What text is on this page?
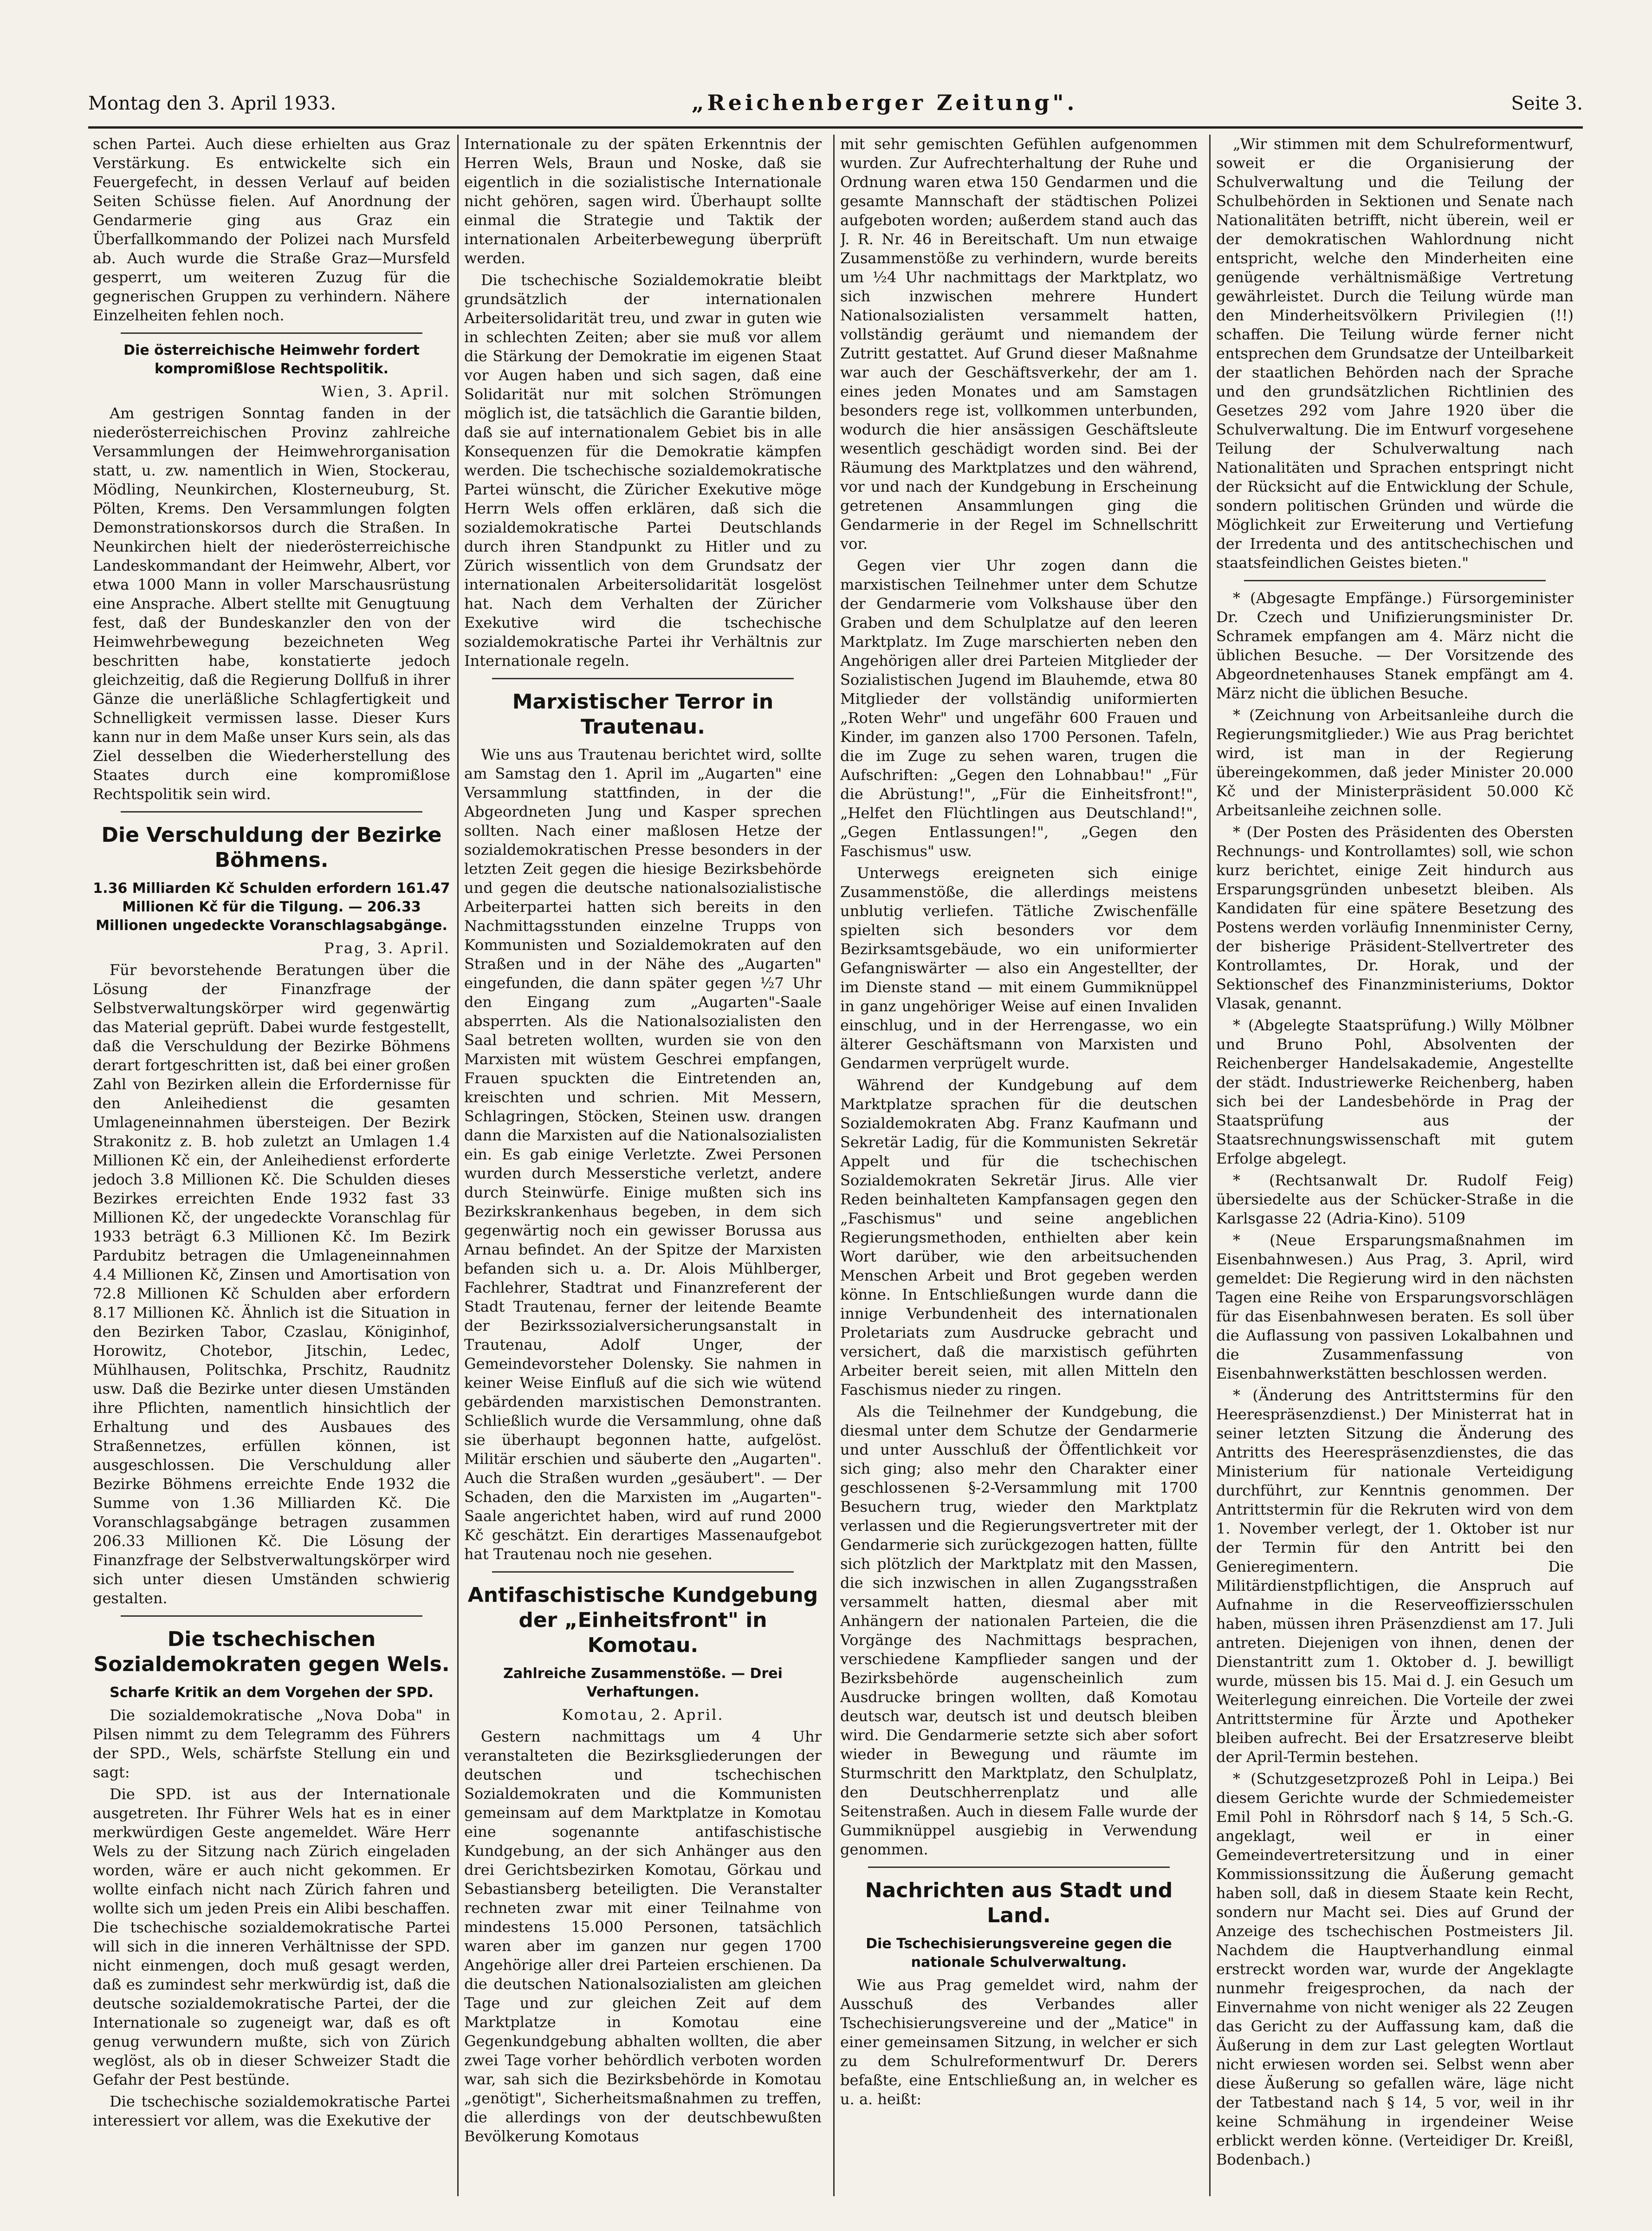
Montag den 3. April 1933.	„Reichenberger Zeitung".	Seite 3.

schen Partei. Auch diese erhielten aus Graz Verstärkung. Es entwickelte sich ein Feuergefecht, in dessen Verlauf auf beiden Seiten Schüsse fielen. Auf Anordnung der Gendarmerie ging aus Graz ein Überfallkommando der Polizei nach Mursfeld ab. Auch wurde die Straße Graz—Mursfeld gesperrt, um weiteren Zuzug für die gegnerischen Gruppen zu verhindern. Nähere Einzelheiten fehlen noch.

Die österreichische Heimwehr fordert kompromißlose Rechtspolitik.
Wien, 3. April.

Am gestrigen Sonntag fanden in der niederösterreichischen Provinz zahlreiche Versammlungen der Heimwehrorganisation statt, u. zw. namentlich in Wien, Stockerau, Mödling, Neunkirchen, Klosterneuburg, St. Pölten, Krems. Den Versammlungen folgten Demonstrationskorsos durch die Straßen. In Neunkirchen hielt der niederösterreichische Landeskommandant der Heimwehr, Albert, vor etwa 1000 Mann in voller Marschausrüstung eine Ansprache. Albert stellte mit Genugtuung fest, daß der Bundeskanzler den von der Heimwehrbewegung bezeichneten Weg beschritten habe, konstatierte jedoch gleichzeitig, daß die Regierung Dollfuß in ihrer Gänze die unerläßliche Schlagfertigkeit und Schnelligkeit vermissen lasse. Dieser Kurs kann nur in dem Maße unser Kurs sein, als das Ziel desselben die Wiederherstellung des Staates durch eine kompromißlose Rechtspolitik sein wird.

Die Verschuldung der Bezirke Böhmens.
1.36 Milliarden Kč Schulden erfordern 161.47 Millionen Kč für die Tilgung. — 206.33 Millionen ungedeckte Voranschlagsabgänge.
Prag, 3. April.

Für bevorstehende Beratungen über die Lösung der Finanzfrage der Selbstverwaltungskörper wird gegenwärtig das Material geprüft. Dabei wurde festgestellt, daß die Verschuldung der Bezirke Böhmens derart fortgeschritten ist, daß bei einer großen Zahl von Bezirken allein die Erfordernisse für den Anleihedienst die gesamten Umlageneinnahmen übersteigen. Der Bezirk Strakonitz z. B. hob zuletzt an Umlagen 1.4 Millionen Kč ein, der Anleihedienst erforderte jedoch 3.8 Millionen Kč. Die Schulden dieses Bezirkes erreichten Ende 1932 fast 33 Millionen Kč, der ungedeckte Voranschlag für 1933 beträgt 6.3 Millionen Kč. Im Bezirk Pardubitz betragen die Umlageneinnahmen 4.4 Millionen Kč, Zinsen und Amortisation von 72.8 Millionen Kč Schulden aber erfordern 8.17 Millionen Kč. Ähnlich ist die Situation in den Bezirken Tabor, Czaslau, Königinhof, Horowitz, Chotebor, Jitschin, Ledec, Mühlhausen, Politschka, Prschitz, Raudnitz usw. Daß die Bezirke unter diesen Umständen ihre Pflichten, namentlich hinsichtlich der Erhaltung und des Ausbaues des Straßennetzes, erfüllen können, ist ausgeschlossen. Die Verschuldung aller Bezirke Böhmens erreichte Ende 1932 die Summe von 1.36 Milliarden Kč. Die Voranschlagsabgänge betragen zusammen 206.33 Millionen Kč. Die Lösung der Finanzfrage der Selbstverwaltungskörper wird sich unter diesen Umständen schwierig gestalten.

Die tschechischen Sozialdemokraten gegen Wels.
Scharfe Kritik an dem Vorgehen der SPD.

Die sozialdemokratische „Nova Doba" in Pilsen nimmt zu dem Telegramm des Führers der SPD., Wels, schärfste Stellung ein und sagt:

Die SPD. ist aus der Internationale ausgetreten. Ihr Führer Wels hat es in einer merkwürdigen Geste angemeldet. Wäre Herr Wels zu der Sitzung nach Zürich eingeladen worden, wäre er auch nicht gekommen. Er wollte einfach nicht nach Zürich fahren und wollte sich um jeden Preis ein Alibi beschaffen. Die tschechische sozialdemokratische Partei will sich in die inneren Verhältnisse der SPD. nicht einmengen, doch muß gesagt werden, daß es zumindest sehr merkwürdig ist, daß die deutsche sozialdemokratische Partei, der die Internationale so zugeneigt war, daß es oft genug verwundern mußte, sich von Zürich weglöst, als ob in dieser Schweizer Stadt die Gefahr der Pest bestünde.

Die tschechische sozialdemokratische Partei interessiert vor allem, was die Exekutive der

Internationale zu der späten Erkenntnis der Herren Wels, Braun und Noske, daß sie eigentlich in die sozialistische Internationale nicht gehören, sagen wird. Überhaupt sollte einmal die Strategie und Taktik der internationalen Arbeiterbewegung überprüft werden.

Die tschechische Sozialdemokratie bleibt grundsätzlich der internationalen Arbeitersolidarität treu, und zwar in guten wie in schlechten Zeiten; aber sie muß vor allem die Stärkung der Demokratie im eigenen Staat vor Augen haben und sich sagen, daß eine Solidarität nur mit solchen Strömungen möglich ist, die tatsächlich die Garantie bilden, daß sie auf internationalem Gebiet bis in alle Konsequenzen für die Demokratie kämpfen werden. Die tschechische sozialdemokratische Partei wünscht, die Züricher Exekutive möge Herrn Wels offen erklären, daß sich die sozialdemokratische Partei Deutschlands durch ihren Standpunkt zu Hitler und zu Zürich wissentlich von dem Grundsatz der internationalen Arbeitersolidarität losgelöst hat. Nach dem Verhalten der Züricher Exekutive wird die tschechische sozialdemokratische Partei ihr Verhältnis zur Internationale regeln.

Marxistischer Terror in Trautenau.

Wie uns aus Trautenau berichtet wird, sollte am Samstag den 1. April im „Augarten" eine Versammlung stattfinden, in der die Abgeordneten Jung und Kasper sprechen sollten. Nach einer maßlosen Hetze der sozialdemokratischen Presse besonders in der letzten Zeit gegen die hiesige Bezirksbehörde und gegen die deutsche nationalsozialistische Arbeiterpartei hatten sich bereits in den Nachmittagsstunden einzelne Trupps von Kommunisten und Sozialdemokraten auf den Straßen und in der Nähe des „Augarten" eingefunden, die dann später gegen ½7 Uhr den Eingang zum „Augarten"-Saale absperrten. Als die Nationalsozialisten den Saal betreten wollten, wurden sie von den Marxisten mit wüstem Geschrei empfangen, Frauen spuckten die Eintretenden an, kreischten und schrien. Mit Messern, Schlagringen, Stöcken, Steinen usw. drangen dann die Marxisten auf die Nationalsozialisten ein. Es gab einige Verletzte. Zwei Personen wurden durch Messerstiche verletzt, andere durch Steinwürfe. Einige mußten sich ins Bezirkskrankenhaus begeben, in dem sich gegenwärtig noch ein gewisser Borussa aus Arnau befindet. An der Spitze der Marxisten befanden sich u. a. Dr. Alois Mühlberger, Fachlehrer, Stadtrat und Finanzreferent der Stadt Trautenau, ferner der leitende Beamte der Bezirkssozialversicherungsanstalt in Trautenau, Adolf Unger, der Gemeindevorsteher Dolensky. Sie nahmen in keiner Weise Einfluß auf die sich wie wütend gebärdenden marxistischen Demonstranten. Schließlich wurde die Versammlung, ohne daß sie überhaupt begonnen hatte, aufgelöst. Militär erschien und säuberte den „Augarten". Auch die Straßen wurden „gesäubert". — Der Schaden, den die Marxisten im „Augarten"-Saale angerichtet haben, wird auf rund 2000 Kč geschätzt. Ein derartiges Massenaufgebot hat Trautenau noch nie gesehen.

Antifaschistische Kundgebung der „Einheitsfront" in Komotau.
Zahlreiche Zusammenstöße. — Drei Verhaftungen.
Komotau, 2. April.

Gestern nachmittags um 4 Uhr veranstalteten die Bezirksgliederungen der deutschen und tschechischen Sozialdemokraten und die Kommunisten gemeinsam auf dem Marktplatze in Komotau eine sogenannte antifaschistische Kundgebung, an der sich Anhänger aus den drei Gerichtsbezirken Komotau, Görkau und Sebastiansberg beteiligten. Die Veranstalter rechneten zwar mit einer Teilnahme von mindestens 15.000 Personen, tatsächlich waren aber im ganzen nur gegen 1700 Angehörige aller drei Parteien erschienen. Da die deutschen Nationalsozialisten am gleichen Tage und zur gleichen Zeit auf dem Marktplatze in Komotau eine Gegenkundgebung abhalten wollten, die aber zwei Tage vorher behördlich verboten worden war, sah sich die Bezirksbehörde in Komotau „genötigt", Sicherheitsmaßnahmen zu treffen, die allerdings von der deutschbewußten Bevölkerung Komotaus

mit sehr gemischten Gefühlen aufgenommen wurden. Zur Aufrechterhaltung der Ruhe und Ordnung waren etwa 150 Gendarmen und die gesamte Mannschaft der städtischen Polizei aufgeboten worden; außerdem stand auch das J. R. Nr. 46 in Bereitschaft. Um nun etwaige Zusammenstöße zu verhindern, wurde bereits um ½4 Uhr nachmittags der Marktplatz, wo sich inzwischen mehrere Hundert Nationalsozialisten versammelt hatten, vollständig geräumt und niemandem der Zutritt gestattet. Auf Grund dieser Maßnahme war auch der Geschäftsverkehr, der am 1. eines jeden Monates und am Samstagen besonders rege ist, vollkommen unterbunden, wodurch die hier ansässigen Geschäftsleute wesentlich geschädigt worden sind. Bei der Räumung des Marktplatzes und den während, vor und nach der Kundgebung in Erscheinung getretenen Ansammlungen ging die Gendarmerie in der Regel im Schnellschritt vor.

Gegen vier Uhr zogen dann die marxistischen Teilnehmer unter dem Schutze der Gendarmerie vom Volkshause über den Graben und dem Schulplatze auf den leeren Marktplatz. Im Zuge marschierten neben den Angehörigen aller drei Parteien Mitglieder der Sozialistischen Jugend im Blauhemde, etwa 80 Mitglieder der vollständig uniformierten „Roten Wehr" und ungefähr 600 Frauen und Kinder, im ganzen also 1700 Personen. Tafeln, die im Zuge zu sehen waren, trugen die Aufschriften: „Gegen den Lohnabbau!" „Für die Abrüstung!", „Für die Einheitsfront!", „Helfet den Flüchtlingen aus Deutschland!", „Gegen Entlassungen!", „Gegen den Faschismus" usw.

Unterwegs ereigneten sich einige Zusammenstöße, die allerdings meistens unblutig verliefen. Tätliche Zwischenfälle spielten sich besonders vor dem Bezirksamtsgebäude, wo ein uniformierter Gefangniswärter — also ein Angestellter, der im Dienste stand — mit einem Gummiknüppel in ganz ungehöriger Weise auf einen Invaliden einschlug, und in der Herrengasse, wo ein älterer Geschäftsmann von Marxisten und Gendarmen verprügelt wurde.

Während der Kundgebung auf dem Marktplatze sprachen für die deutschen Sozialdemokraten Abg. Franz Kaufmann und Sekretär Ladig, für die Kommunisten Sekretär Appelt und für die tschechischen Sozialdemokraten Sekretär Jirus. Alle vier Reden beinhalteten Kampfansagen gegen den „Faschismus" und seine angeblichen Regierungsmethoden, enthielten aber kein Wort darüber, wie den arbeitsuchenden Menschen Arbeit und Brot gegeben werden könne. In Entschließungen wurde dann die innige Verbundenheit des internationalen Proletariats zum Ausdrucke gebracht und versichert, daß die marxistisch geführten Arbeiter bereit seien, mit allen Mitteln den Faschismus nieder zu ringen.

Als die Teilnehmer der Kundgebung, die diesmal unter dem Schutze der Gendarmerie und unter Ausschluß der Öffentlichkeit vor sich ging; also mehr den Charakter einer geschlossenen §-2-Versammlung mit 1700 Besuchern trug, wieder den Marktplatz verlassen und die Regierungsvertreter mit der Gendarmerie sich zurückgezogen hatten, füllte sich plötzlich der Marktplatz mit den Massen, die sich inzwischen in allen Zugangsstraßen versammelt hatten, diesmal aber mit Anhängern der nationalen Parteien, die die Vorgänge des Nachmittags besprachen, verschiedene Kampflieder sangen und der Bezirksbehörde augenscheinlich zum Ausdrucke bringen wollten, daß Komotau deutsch war, deutsch ist und deutsch bleiben wird. Die Gendarmerie setzte sich aber sofort wieder in Bewegung und räumte im Sturmschritt den Marktplatz, den Schulplatz, den Deutschherrenplatz und alle Seitenstraßen. Auch in diesem Falle wurde der Gummiknüppel ausgiebig in Verwendung genommen.

Nachrichten aus Stadt und Land.
Die Tschechisierungsvereine gegen die nationale Schulverwaltung.

Wie aus Prag gemeldet wird, nahm der Ausschuß des Verbandes aller Tschechisierungsvereine und der „Matice" in einer gemeinsamen Sitzung, in welcher er sich zu dem Schulreformentwurf Dr. Derers befaßte, eine Entschließung an, in welcher es u. a. heißt:

„Wir stimmen mit dem Schulreformentwurf, soweit er die Organisierung der Schulverwaltung und die Teilung der Schulbehörden in Sektionen und Senate nach Nationalitäten betrifft, nicht überein, weil er der demokratischen Wahlordnung nicht entspricht, welche den Minderheiten eine genügende verhältnismäßige Vertretung gewährleistet. Durch die Teilung würde man den Minderheitsvölkern Privilegien (!!) schaffen. Die Teilung würde ferner nicht entsprechen dem Grundsatze der Unteilbarkeit der staatlichen Behörden nach der Sprache und den grundsätzlichen Richtlinien des Gesetzes 292 vom Jahre 1920 über die Schulverwaltung. Die im Entwurf vorgesehene Teilung der Schulverwaltung nach Nationalitäten und Sprachen entspringt nicht der Rücksicht auf die Entwicklung der Schule, sondern politischen Gründen und würde die Möglichkeit zur Erweiterung und Vertiefung der Irredenta und des antitschechischen und staatsfeindlichen Geistes bieten."

* (Abgesagte Empfänge.) Fürsorgeminister Dr. Czech und Unifizierungsminister Dr. Schramek empfangen am 4. März nicht die üblichen Besuche. — Der Vorsitzende des Abgeordnetenhauses Stanek empfängt am 4. März nicht die üblichen Besuche.

* (Zeichnung von Arbeitsanleihe durch die Regierungsmitglieder.) Wie aus Prag berichtet wird, ist man in der Regierung übereingekommen, daß jeder Minister 20.000 Kč und der Ministerpräsident 50.000 Kč Arbeitsanleihe zeichnen solle.

* (Der Posten des Präsidenten des Obersten Rechnungs- und Kontrollamtes) soll, wie schon kurz berichtet, einige Zeit hindurch aus Ersparungsgründen unbesetzt bleiben. Als Kandidaten für eine spätere Besetzung des Postens werden vorläufig Innenminister Cerny, der bisherige Präsident-Stellvertreter des Kontrollamtes, Dr. Horak, und der Sektionschef des Finanzministeriums, Doktor Vlasak, genannt.

* (Abgelegte Staatsprüfung.) Willy Mölbner und Bruno Pohl, Absolventen der Reichenberger Handelsakademie, Angestellte der städt. Industriewerke Reichenberg, haben sich bei der Landesbehörde in Prag der Staatsprüfung aus der Staatsrechnungswissenschaft mit gutem Erfolge abgelegt.

* (Rechtsanwalt Dr. Rudolf Feig) übersiedelte aus der Schücker-Straße in die Karlsgasse 22 (Adria-Kino). 5109

* (Neue Ersparungsmaßnahmen im Eisenbahnwesen.) Aus Prag, 3. April, wird gemeldet: Die Regierung wird in den nächsten Tagen eine Reihe von Ersparungsvorschlägen für das Eisenbahnwesen beraten. Es soll über die Auflassung von passiven Lokalbahnen und die Zusammenfassung von Eisenbahnwerkstätten beschlossen werden.

* (Änderung des Antrittstermins für den Heerespräsenzdienst.) Der Ministerrat hat in seiner letzten Sitzung die Änderung des Antritts des Heerespräsenzdienstes, die das Ministerium für nationale Verteidigung durchführt, zur Kenntnis genommen. Der Antrittstermin für die Rekruten wird von dem 1. November verlegt, der 1. Oktober ist nur der Termin für den Antritt bei den Genieregimentern. Die Militärdienstpflichtigen, die Anspruch auf Aufnahme in die Reserveoffiziersschulen haben, müssen ihren Präsenzdienst am 17. Juli antreten. Diejenigen von ihnen, denen der Dienstantritt zum 1. Oktober d. J. bewilligt wurde, müssen bis 15. Mai d. J. ein Gesuch um Weiterlegung einreichen. Die Vorteile der zwei Antrittstermine für Ärzte und Apotheker bleiben aufrecht. Bei der Ersatzreserve bleibt der April-Termin bestehen.

* (Schutzgesetzprozeß Pohl in Leipa.) Bei diesem Gerichte wurde der Schmiedemeister Emil Pohl in Röhrsdorf nach § 14, 5 Sch.-G. angeklagt, weil er in einer Gemeindevertretersitzung und in einer Kommissionssitzung die Äußerung gemacht haben soll, daß in diesem Staate kein Recht, sondern nur Macht sei. Dies auf Grund der Anzeige des tschechischen Postmeisters Jil. Nachdem die Hauptverhandlung einmal erstreckt worden war, wurde der Angeklagte nunmehr freigesprochen, da nach der Einvernahme von nicht weniger als 22 Zeugen das Gericht zu der Auffassung kam, daß die Äußerung in dem zur Last gelegten Wortlaut nicht erwiesen worden sei. Selbst wenn aber diese Äußerung so gefallen wäre, läge nicht der Tatbestand nach § 14, 5 vor, weil in ihr keine Schmähung in irgendeiner Weise erblickt werden könne. (Verteidiger Dr. Kreißl, Bodenbach.)
